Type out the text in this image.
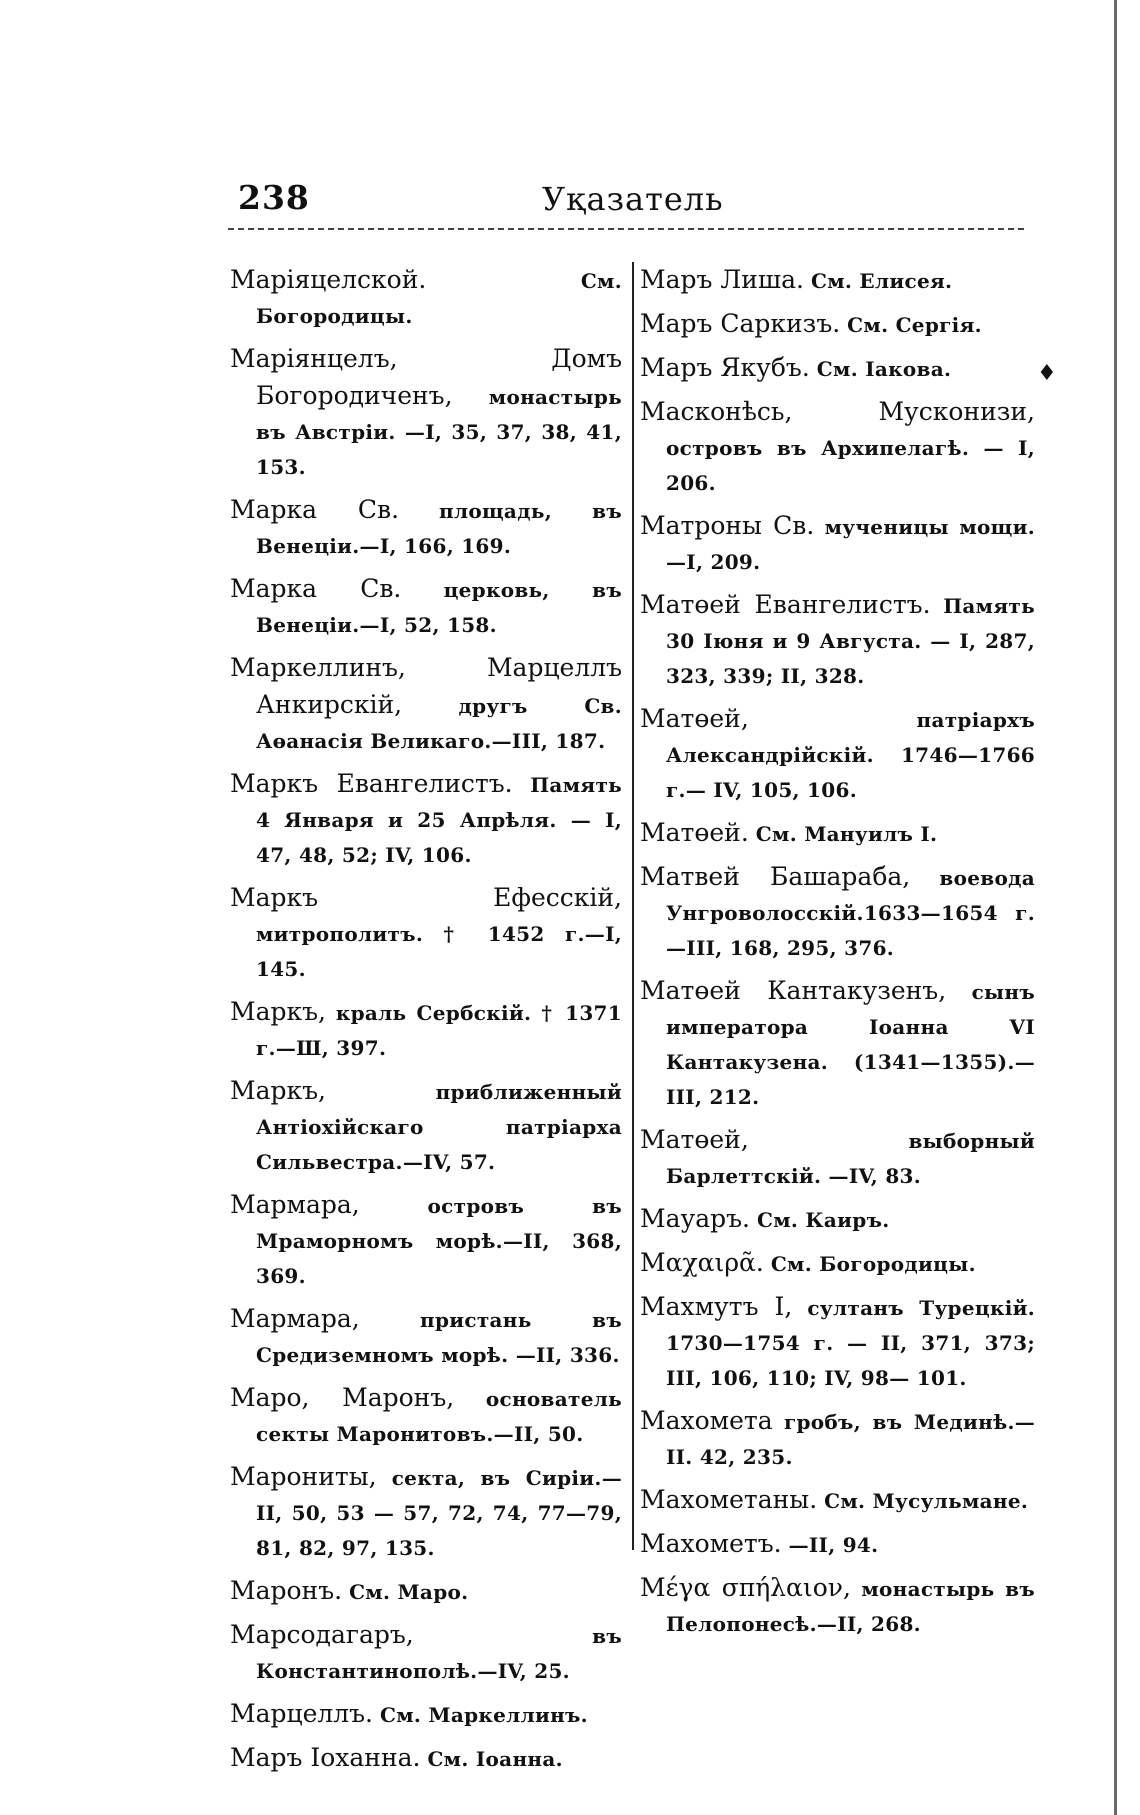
238	Уқазатель

Маріяцелской.	См. Богородицы.

Маріянцелъ, Домъ Богородиченъ, монастырь въ Австріи. —I, 35, 37, 38, 41, 153.

Марка Св. площадь, въ Венеціи.—I, 166, 169.

Марка Св. церковь, въ Венеціи.—I, 52, 158.

Маркеллинъ, Марцеллъ Анкирскій,	другъ Св. Аөанасія Великаго.—III, 187.

Маркъ Евангелистъ. Память 4 Января и 25 Апрѣля. — I, 47, 48, 52; IV, 106.

Маркъ Ефесскій, митрополитъ. † 1452 г.—I, 145.

Маркъ, краль Сербскій. † 1371 г.—Ш, 397.

Маркъ,	приближенный Антіохійскаго патріарха Сильвестра.—IV, 57.

Мармара,	островъ въ Мраморномъ морѣ.—II, 368, 369.

Мармара,	пристань въ Средиземномъ морѣ. —II, 336.

Маро, Маронъ, основатель секты Маронитовъ.—II, 50.

Марониты, секта, въ Сиріи.— II, 50, 53 — 57, 72, 74, 77—79, 81, 82, 97, 135.

Маронъ. См. Маро.

Марсодагаръ,	въ Константинополѣ.—IV, 25.

Марцеллъ. См. Маркеллинъ.

Маръ Іоханна. См. Іоанна.

Маръ Лиша. См. Елисея.

Маръ Саркизъ. См. Сергія.

Маръ Якубъ. См. Іакова.

Масконѣсь, Мусконизи, островъ въ Архипелагѣ. — I, 206.

Матроны Св. мученицы мощи.—I, 209.

Матөей Евангелистъ. Память 30 Іюня и 9 Августа. — I, 287, 323, 339; II, 328.

Матөей,	патріархъ Александрійскій. 1746—1766 г.— IV, 105, 106.

Матөей. См. Мануилъ I.

Матвей Башараба, воевода Унгроволосскій.1633—1654 г.—III, 168, 295, 376.

Матөей Кантакузенъ, сынъ императора Іоанна VI Кантакузена. (1341—1355).— III, 212.

Матөей,	выборный Барлеттскій. —IV, 83.

Мауаръ. См. Каиръ.

Μαχαιρᾶ. См. Богородицы.

Махмутъ I, султанъ Турецкій. 1730—1754 г. — II, 371, 373; III, 106, 110; IV, 98— 101.

Махомета гробъ, въ Мединѣ.— II. 42, 235.

Махометаны. См. Мусульмане.

Махометъ. —II, 94.

Μέγα σπήλαιον, монастырь въ Пелопонесѣ.—II, 268.

♦
